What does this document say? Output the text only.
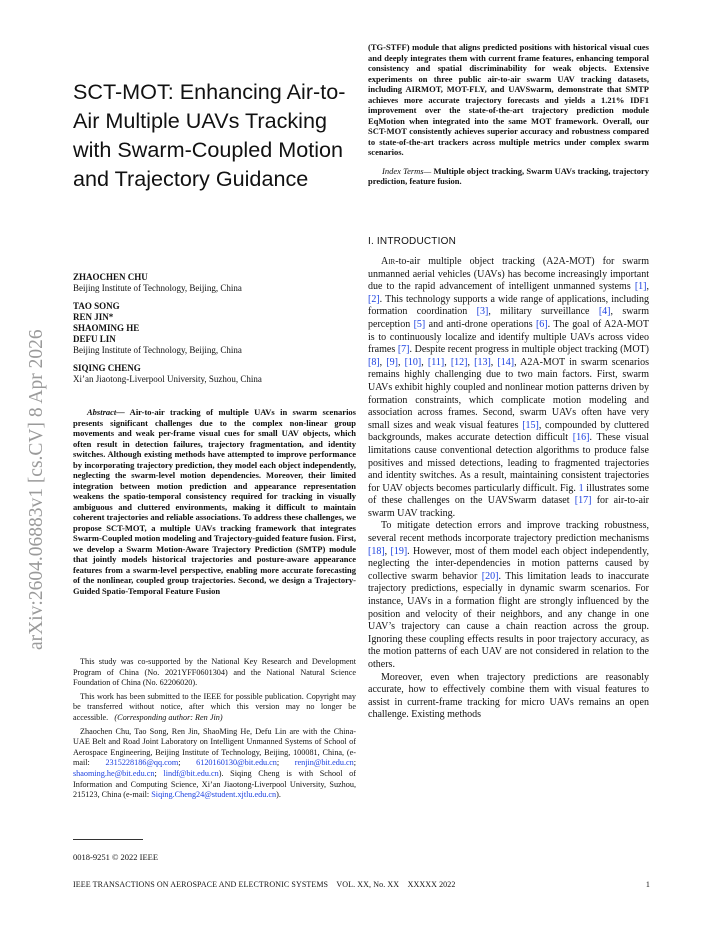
arXiv:2604.06883v1 [cs.CV] 8 Apr 2026
SCT-MOT: Enhancing Air-to-Air Multiple UAVs Tracking with Swarm-Coupled Motion and Trajectory Guidance
ZHAOCHEN CHU
Beijing Institute of Technology, Beijing, China
TAO SONG
REN JIN*
SHAOMING HE
DEFU LIN
Beijing Institute of Technology, Beijing, China
SIQING CHENG
Xi’an Jiaotong-Liverpool University, Suzhou, China

Abstract— Air-to-air tracking of multiple UAVs in swarm scenarios presents significant challenges due to the complex non-linear group movements and weak per-frame visual cues for small UAV objects, which often result in detection failures, trajectory fragmentation, and identity switches. Although existing methods have attempted to improve performance by incorporating trajectory prediction, they model each object independently, neglecting the swarm-level motion dependencies. Moreover, their limited integration between motion prediction and appearance representation weakens the spatio-temporal consistency required for tracking in visually ambiguous and cluttered environments, making it difficult to maintain coherent trajectories and reliable associations. To address these challenges, we propose SCT-MOT, a multiple UAVs tracking framework that integrates Swarm-Coupled motion modeling and Trajectory-guided feature fusion. First, we develop a Swarm Motion-Aware Trajectory Prediction (SMTP) module that jointly models historical trajectories and posture-aware appearance features from a swarm-level perspective, enabling more accurate forecasting of the nonlinear, coupled group trajectories. Second, we design a Trajectory-Guided Spatio-Temporal Feature Fusion

This study was co-supported by the National Key Research and Development Program of China (No. 2021YFF0601304) and the National Natural Science Foundation of China (No. 62206020).

This work has been submitted to the IEEE for possible publication. Copyright may be transferred without notice, after which this version may no longer be accessible. (Corresponding author: Ren Jin)

Zhaochen Chu, Tao Song, Ren Jin, ShaoMing He, Defu Lin are with the China-UAE Belt and Road Joint Laboratory on Intelligent Unmanned Systems of School of Aerospace Engineering, Beijing Institute of Technology, Beijing, 100081, China, (e-mail: 2315228186@qq.com; 6120160130@bit.edu.cn; renjin@bit.edu.cn; shaoming.he@bit.edu.cn; lindf@bit.edu.cn). Siqing Cheng is with School of Information and Computing Science, Xi’an Jiaotong-Liverpool University, Suzhou, 215123, China (e-mail: Siqing.Cheng24@student.xjtlu.edu.cn).

0018-9251 © 2022 IEEE

(TG-STFF) module that aligns predicted positions with historical visual cues and deeply integrates them with current frame features, enhancing temporal consistency and spatial discriminability for weak objects. Extensive experiments on three public air-to-air swarm UAV tracking datasets, including AIRMOT, MOT-FLY, and UAVSwarm, demonstrate that SMTP achieves more accurate trajectory forecasts and yields a 1.21% IDF1 improvement over the state-of-the-art trajectory prediction module EqMotion when integrated into the same MOT framework. Overall, our SCT-MOT consistently achieves superior accuracy and robustness compared to state-of-the-art trackers across multiple metrics under complex swarm scenarios.

Index Terms— Multiple object tracking, Swarm UAVs tracking, trajectory prediction, feature fusion.

I. INTRODUCTION

Air-to-air multiple object tracking (A2A-MOT) for swarm unmanned aerial vehicles (UAVs) has become increasingly important due to the rapid advancement of intelligent unmanned systems [1], [2]. This technology supports a wide range of applications, including formation coordination [3], military surveillance [4], swarm perception [5] and anti-drone operations [6]. The goal of A2A-MOT is to continuously localize and identify multiple UAVs across video frames [7]. Despite recent progress in multiple object tracking (MOT) [8], [9], [10], [11], [12], [13], [14], A2A-MOT in swarm scenarios remains highly challenging due to two main factors. First, swarm UAVs exhibit highly coupled and nonlinear motion patterns driven by formation constraints, which complicate motion modeling and association across frames. Second, swarm UAVs often have very small sizes and weak visual features [15], compounded by cluttered backgrounds, makes accurate detection difficult [16]. These visual limitations cause conventional detection algorithms to produce false positives and missed detections, leading to fragmented trajectories and identity switches. As a result, maintaining consistent trajectories for UAV objects becomes particularly difficult. Fig. 1 illustrates some of these challenges on the UAVSwarm dataset [17] for air-to-air swarm UAV tracking.

To mitigate detection errors and improve tracking robustness, several recent methods incorporate trajectory prediction mechanisms [18], [19]. However, most of them model each object independently, neglecting the inter-dependencies in motion patterns caused by collective swarm behavior [20]. This limitation leads to inaccurate trajectory predictions, especially in dynamic swarm scenarios. For instance, UAVs in a formation flight are strongly influenced by the position and velocity of their neighbors, and any change in one UAV’s trajectory can cause a chain reaction across the group. Ignoring these coupling effects results in poor trajectory accuracy, as the motion patterns of each UAV are not considered in relation to the others.

Moreover, even when trajectory predictions are reasonably accurate, how to effectively combine them with visual features to assist in current-frame tracking for micro UAVs remains an open challenge. Existing methods

IEEE TRANSACTIONS ON AEROSPACE AND ELECTRONIC SYSTEMS    VOL. XX, No. XX    XXXXX 2022	1
